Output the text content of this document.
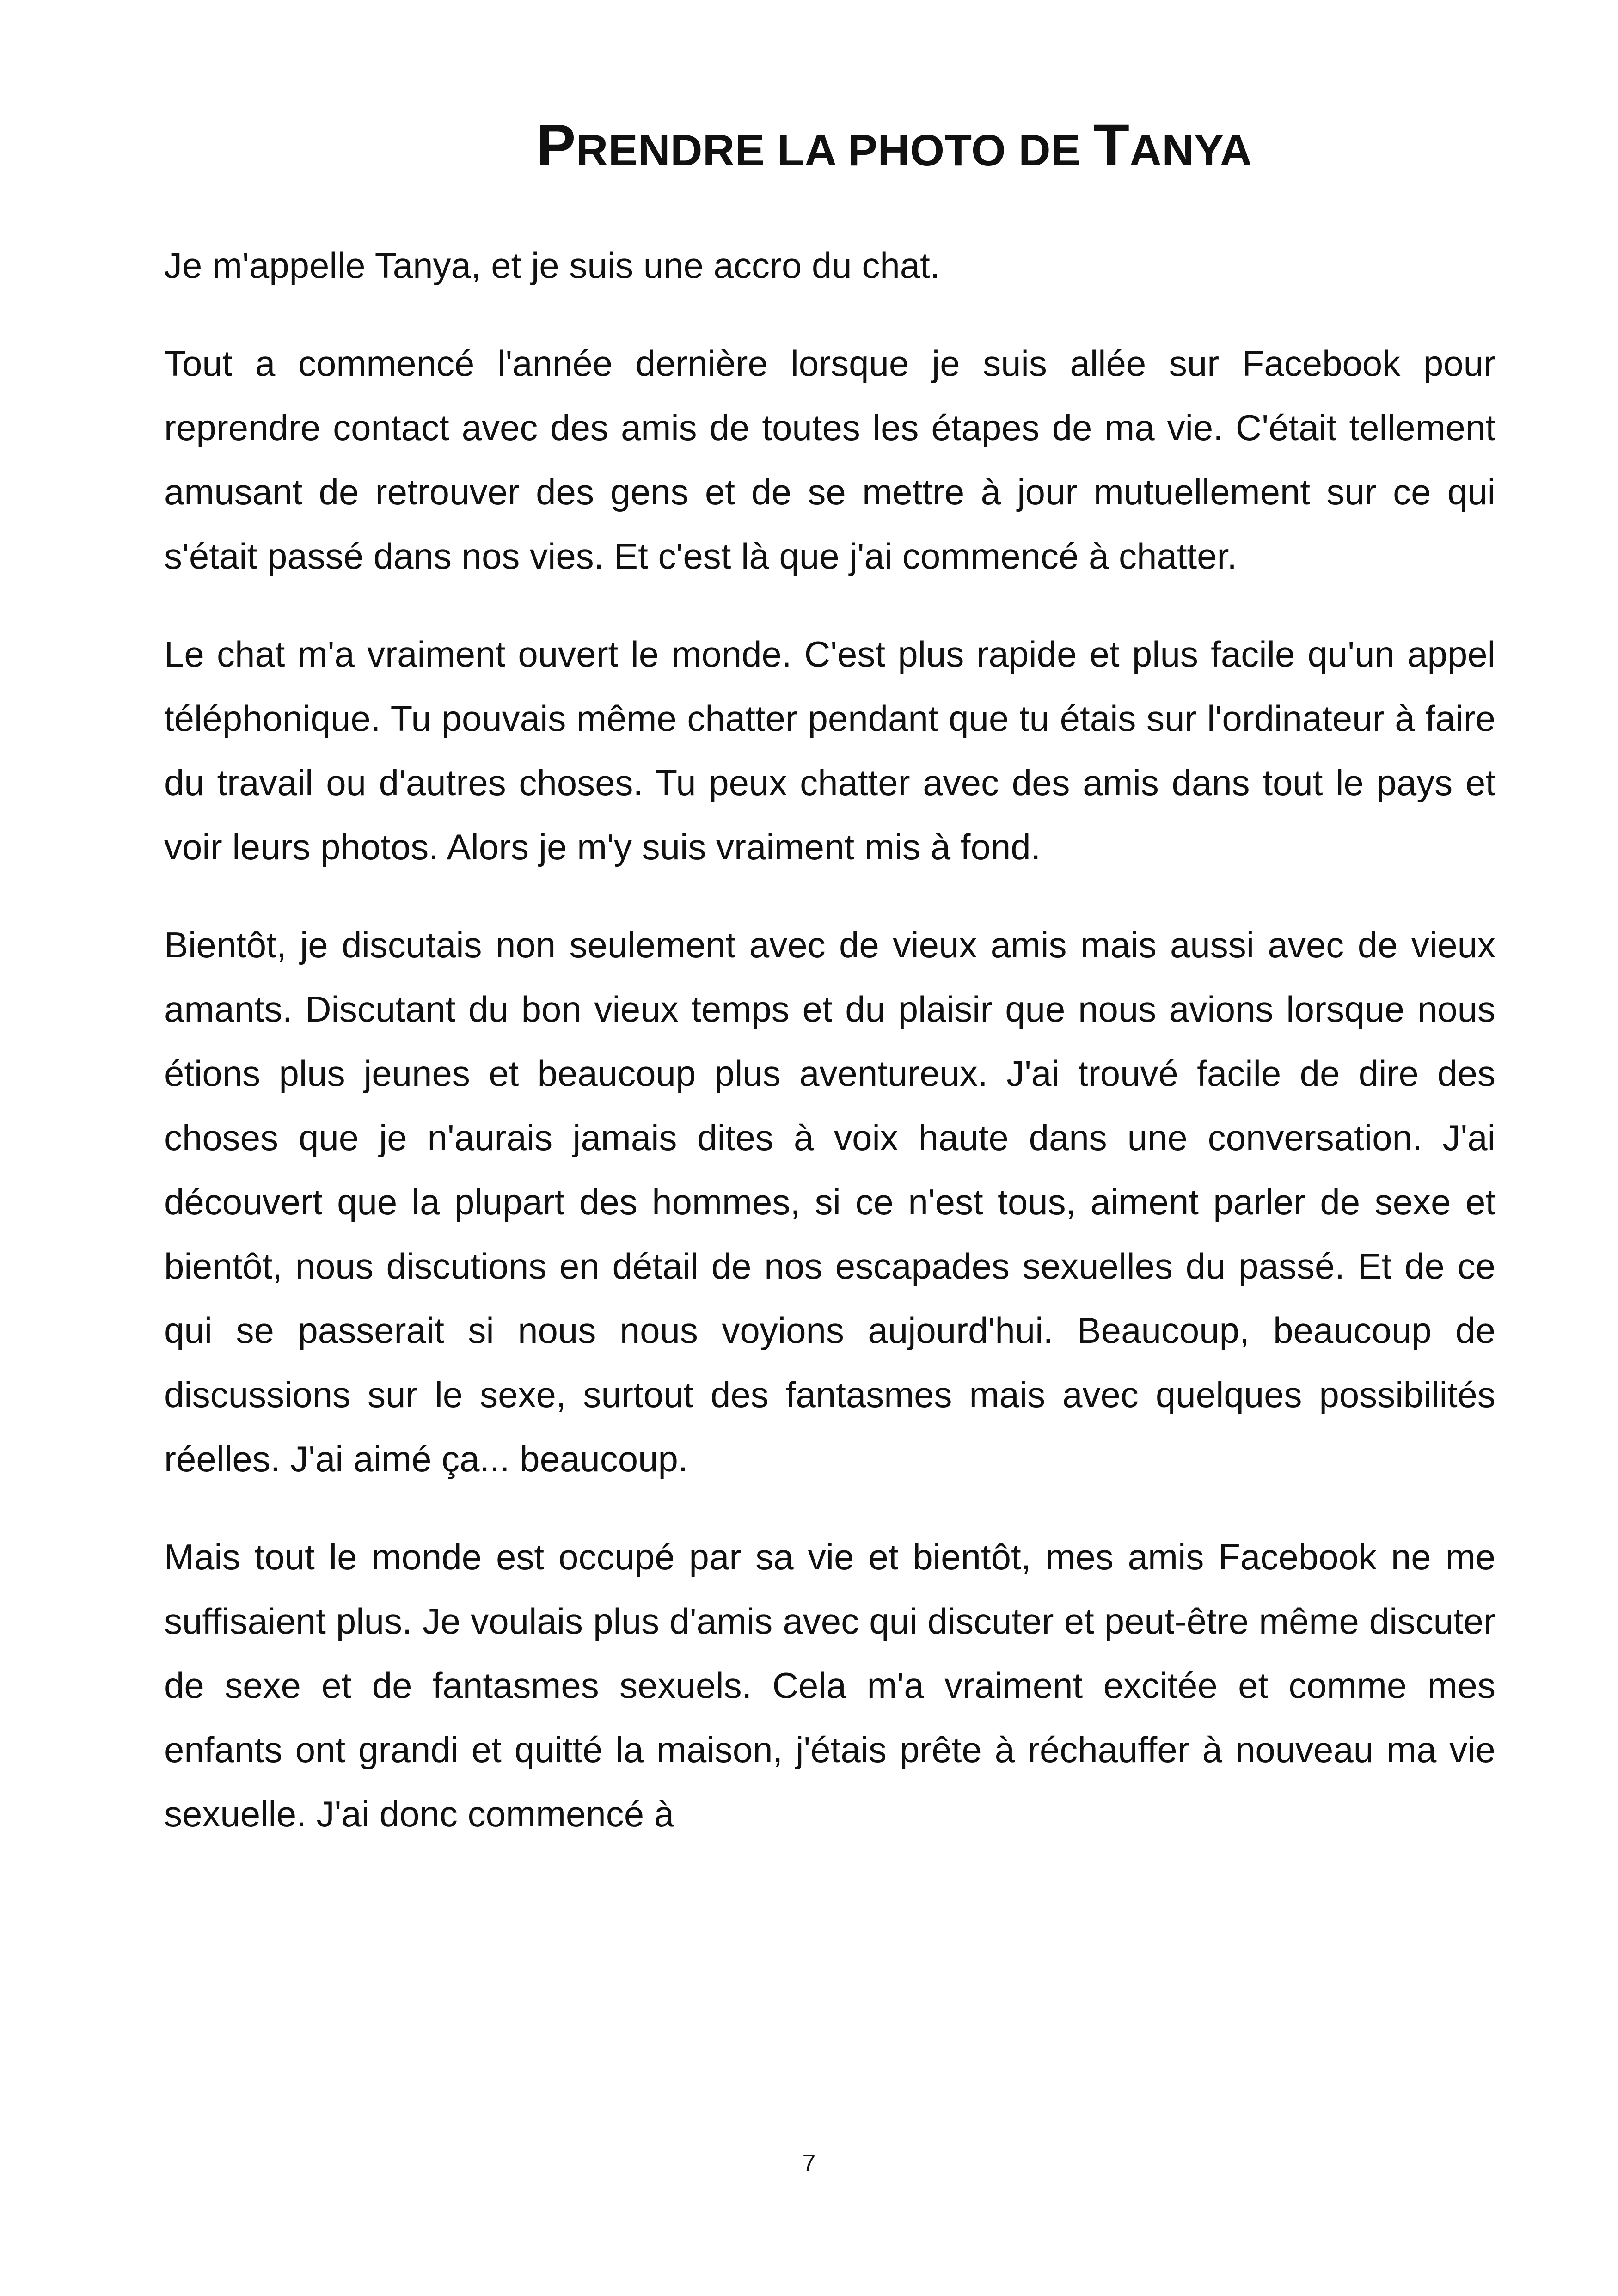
PRENDRE LA PHOTO DE TANYA

Je m'appelle Tanya, et je suis une accro du chat.

Tout a commencé l'année dernière lorsque je suis allée sur Facebook pour reprendre contact avec des amis de toutes les étapes de ma vie. C'était tellement amusant de retrouver des gens et de se mettre à jour mutuellement sur ce qui s'était passé dans nos vies. Et c'est là que j'ai commencé à chatter.

Le chat m'a vraiment ouvert le monde. C'est plus rapide et plus facile qu'un appel téléphonique. Tu pouvais même chatter pendant que tu étais sur l'ordinateur à faire du travail ou d'autres choses. Tu peux chatter avec des amis dans tout le pays et voir leurs photos. Alors je m'y suis vraiment mis à fond.

Bientôt, je discutais non seulement avec de vieux amis mais aussi avec de vieux amants. Discutant du bon vieux temps et du plaisir que nous avions lorsque nous étions plus jeunes et beaucoup plus aventureux. J'ai trouvé facile de dire des choses que je n'aurais jamais dites à voix haute dans une conversation. J'ai découvert que la plupart des hommes, si ce n'est tous, aiment parler de sexe et bientôt, nous discutions en détail de nos escapades sexuelles du passé. Et de ce qui se passerait si nous nous voyions aujourd'hui. Beaucoup, beaucoup de discussions sur le sexe, surtout des fantasmes mais avec quelques possibilités réelles. J'ai aimé ça... beaucoup.

Mais tout le monde est occupé par sa vie et bientôt, mes amis Facebook ne me suffisaient plus. Je voulais plus d'amis avec qui discuter et peut-être même discuter de sexe et de fantasmes sexuels. Cela m'a vraiment excitée et comme mes enfants ont grandi et quitté la maison, j'étais prête à réchauffer à nouveau ma vie sexuelle. J'ai donc commencé à

7
